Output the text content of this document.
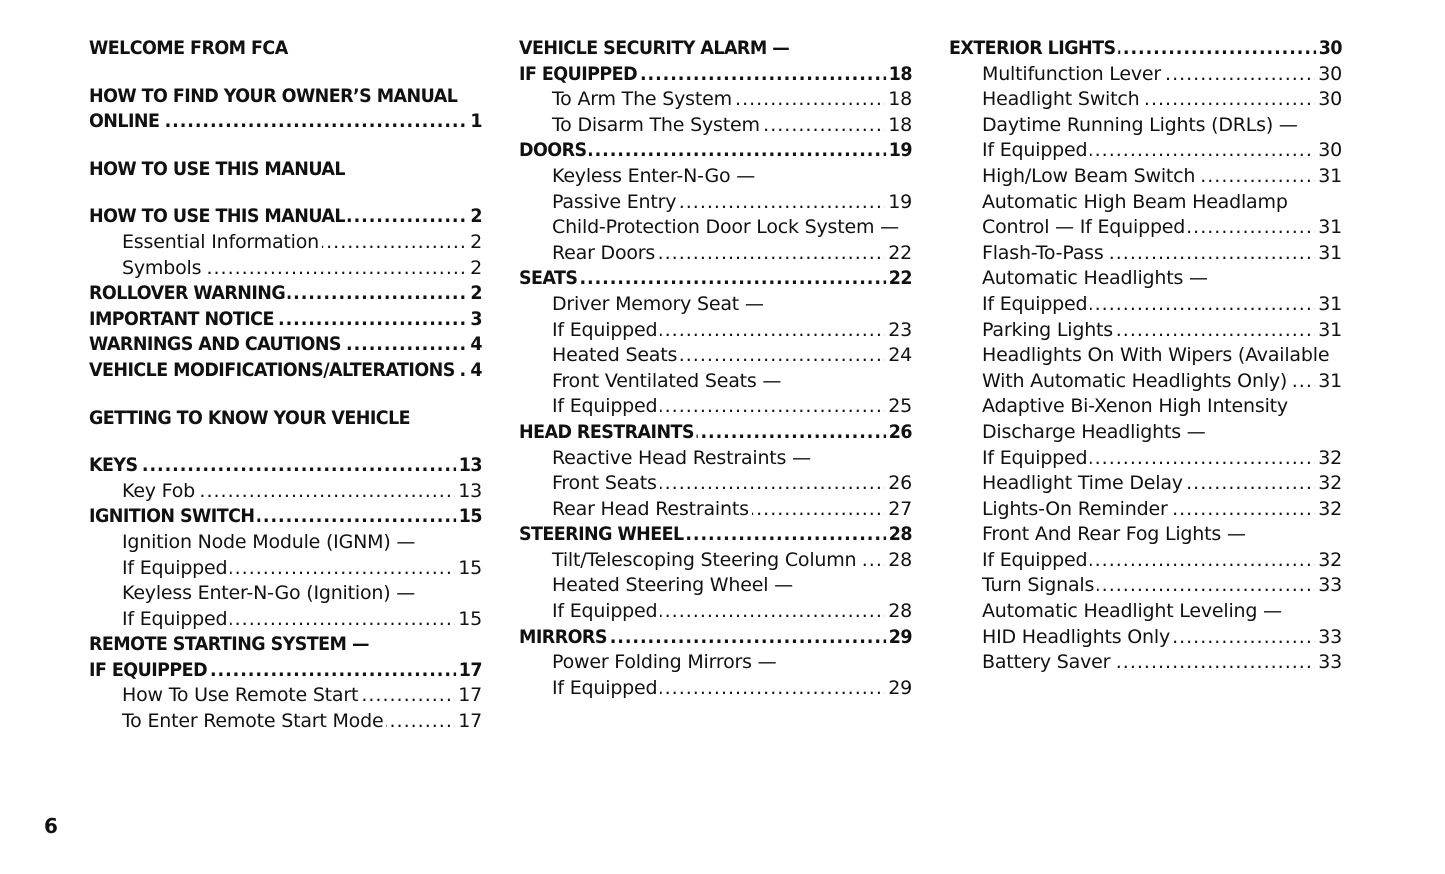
WELCOME FROM FCA
HOW TO FIND YOUR OWNER’S MANUAL
..... ONLINE	1
HOW TO USE THIS MANUAL
..... HOW TO USE THIS MANUAL	2
..... Essential Information	2
..... Symbols	2
..... ROLLOVER WARNING	2
..... IMPORTANT NOTICE	3
..... WARNINGS AND CAUTIONS	4
..... VEHICLE MODIFICATIONS/ALTERATIONS 4
GETTING TO KNOW YOUR VEHICLE
..... KEYS	13
..... Key Fob	13
..... IGNITION SWITCH	15
Ignition Node Module (IGNM) —
..... If Equipped	15
Keyless Enter-N-Go (Ignition) —
..... If Equipped	15
REMOTE STARTING SYSTEM —
..... IF EQUIPPED	17
..... How To Use Remote Start	17
..... To Enter Remote Start Mode	17
VEHICLE SECURITY ALARM —
..... IF EQUIPPED	18
..... To Arm The System	18
..... To Disarm The System	18
..... DOORS	19
Keyless Enter-N-Go —
..... Passive Entry	19
Child-Protection Door Lock System —
..... Rear Doors	22
..... SEATS	22
Driver Memory Seat —
..... If Equipped	23
..... Heated Seats	24
Front Ventilated Seats —
..... If Equipped	25
..... HEAD RESTRAINTS	26
Reactive Head Restraints —
..... Front Seats	26
..... Rear Head Restraints	27
..... STEERING WHEEL	28
..... Tilt/Telescoping Steering Column 28
Heated Steering Wheel —
..... If Equipped	28
..... MIRRORS	29
Power Folding Mirrors —
..... If Equipped	29
..... EXTERIOR LIGHTS	30
..... Multifunction Lever	30
..... Headlight Switch	30
Daytime Running Lights (DRLs) —
..... If Equipped	30
..... High/Low Beam Switch	31
Automatic High Beam Headlamp
..... Control — If Equipped	31
..... Flash-To-Pass	31
Automatic Headlights —
..... If Equipped	31
..... Parking Lights	31
Headlights On With Wipers (Available
..... With Automatic Headlights Only) 31
Adaptive Bi-Xenon High Intensity
Discharge Headlights —
..... If Equipped	32
..... Headlight Time Delay	32
..... Lights-On Reminder	32
Front And Rear Fog Lights —
..... If Equipped	32
..... Turn Signals	33
Automatic Headlight Leveling —
..... HID Headlights Only	33
..... Battery Saver	33
6
